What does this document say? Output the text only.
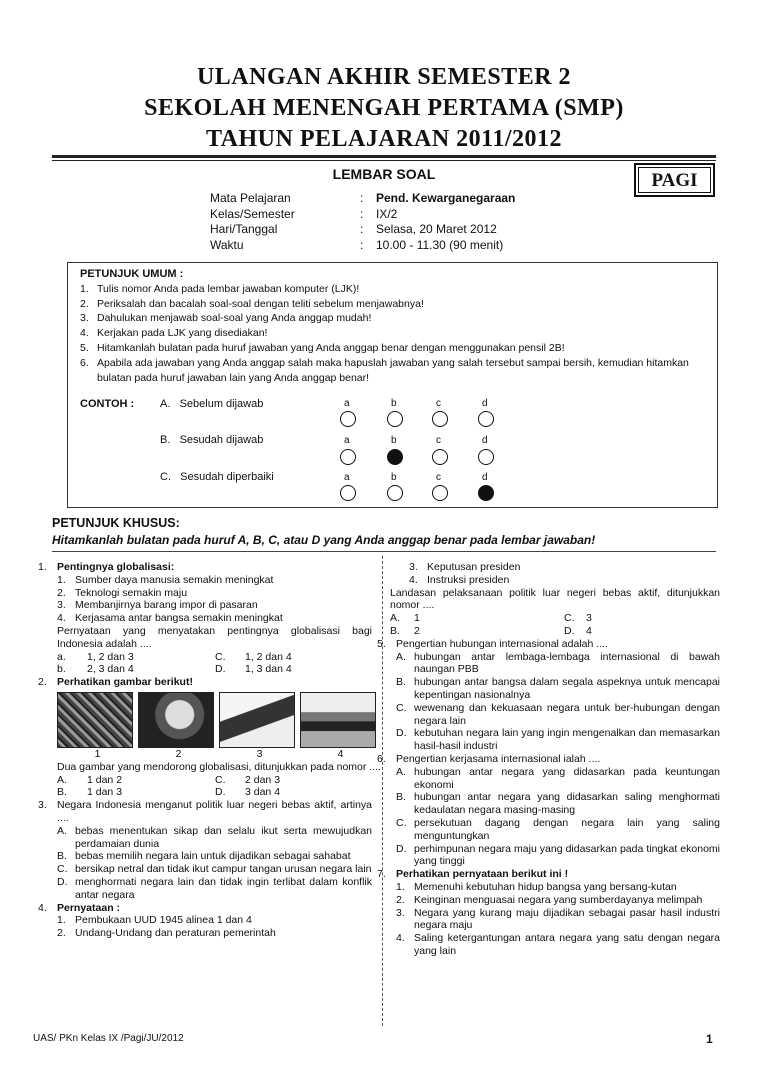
ULANGAN AKHIR SEMESTER 2
SEKOLAH MENENGAH PERTAMA (SMP)
TAHUN PELAJARAN 2011/2012
LEMBAR SOAL	PAGI
Mata Pelajaran	:	Pend. Kewarganegaraan
Kelas/Semester	:	IX/2
Hari/Tanggal	:	Selasa, 20 Maret 2012
Waktu	:	10.00 - 11.30 (90 menit)
PETUNJUK UMUM :
1. Tulis nomor Anda pada lembar jawaban komputer (LJK)!
2. Periksalah dan bacalah soal-soal dengan teliti sebelum menjawabnya!
3. Dahulukan menjawab soal-soal yang Anda anggap mudah!
4. Kerjakan pada LJK yang disediakan!
5. Hitamkanlah bulatan pada huruf jawaban yang Anda anggap benar dengan menggunakan pensil 2B!
6. Apabila ada jawaban yang Anda anggap salah maka hapuslah jawaban yang salah tersebut sampai bersih, kemudian hitamkan bulatan pada huruf jawaban lain yang Anda anggap benar!
CONTOH : A. Sebelum dijawab
B. Sesudah dijawab
C. Sesudah diperbaiki
a	b	c	d
a	b	c	d
a	b	c	d
PETUNJUK KHUSUS:
Hitamkanlah bulatan pada huruf A, B, C, atau D yang Anda anggap benar pada lembar jawaban!
1. Pentingnya globalisasi:
1. Sumber daya manusia semakin meningkat
2. Teknologi semakin maju
3. Membanjirnya barang impor di pasaran
4. Kerjasama antar bangsa semakin meningkat
Pernyataan yang menyatakan pentingnya globalisasi bagi Indonesia adalah ....
a.	1, 2 dan 3	C.	1, 2 dan 4
b.	2, 3 dan 4	D.	1, 3 dan 4
2. Perhatikan gambar berikut!
1	2	3	4
Dua gambar yang mendorong globalisasi, ditunjukkan pada nomor ....
A.	1 dan 2	C.	2 dan 3
B.	1 dan 3	D.	3 dan 4
3. Negara Indonesia menganut politik luar negeri bebas aktif, artinya ....
A. bebas menentukan sikap dan selalu ikut serta mewujudkan perdamaian dunia
B. bebas memilih negara lain untuk dijadikan sebagai sahabat
C. bersikap netral dan tidak ikut campur tangan urusan negara lain
D. menghormati negara lain dan tidak ingin terlibat dalam konflik antar negara
4. Pernyataan :
1. Pembukaan UUD 1945 alinea 1 dan 4
2. Undang-Undang dan peraturan pemerintah
3. Keputusan presiden
4. Instruksi presiden
Landasan pelaksanaan politik luar negeri bebas aktif, ditunjukkan nomor ....
A.	1	C.	3
B.	2	D.	4
5. Pengertian hubungan internasional adalah ....
A. hubungan antar lembaga-lembaga internasional di bawah naungan PBB
B. hubungan antar bangsa dalam segala aspeknya untuk mencapai kepentingan nasionalnya
C. wewenang dan kekuasaan negara untuk ber-hubungan dengan negara lain
D. kebutuhan negara lain yang ingin mengenalkan dan memasarkan hasil-hasil industri
6. Pengertian kerjasama internasional ialah ....
A. hubungan antar negara yang didasarkan pada keuntungan ekonomi
B. hubungan antar negara yang didasarkan saling menghormati kedaulatan negara masing-masing
C. persekutuan dagang dengan negara lain yang saling menguntungkan
D. perhimpunan negara maju yang didasarkan pada tingkat ekonomi yang tinggi
7. Perhatikan pernyataan berikut ini !
1. Memenuhi kebutuhan hidup bangsa yang bersang-kutan
2. Keinginan menguasai negara yang sumberdayanya melimpah
3. Negara yang kurang maju dijadikan sebagai pasar hasil industri negara maju
4. Saling ketergantungan antara negara yang satu dengan negara yang lain
UAS/ PKn Kelas IX /Pagi/JU/2012	1
